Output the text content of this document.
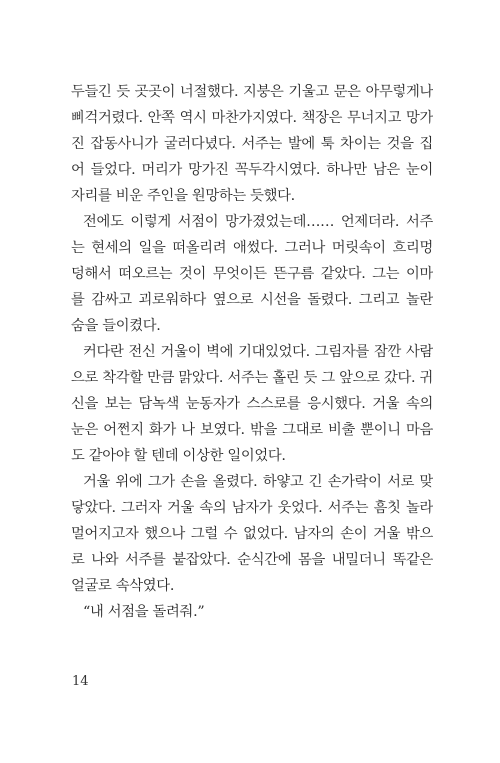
두들긴 듯 곳곳이 너절했다. 지붕은 기울고 문은 아무렇게나
삐걱거렸다. 안쪽 역시 마찬가지였다. 책장은 무너지고 망가
진 잡동사니가 굴러다녔다. 서주는 발에 툭 차이는 것을 집
어 들었다. 머리가 망가진 꼭두각시였다. 하나만 남은 눈이
자리를 비운 주인을 원망하는 듯했다.
전에도 이렇게 서점이 망가졌었는데…… 언제더라. 서주
는 현세의 일을 떠올리려 애썼다. 그러나 머릿속이 흐리멍
덩해서 떠오르는 것이 무엇이든 뜬구름 같았다. 그는 이마
를 감싸고 괴로워하다 옆으로 시선을 돌렸다. 그리고 놀란
숨을 들이켰다.
커다란 전신 거울이 벽에 기대있었다. 그림자를 잠깐 사람
으로 착각할 만큼 맑았다. 서주는 홀린 듯 그 앞으로 갔다. 귀
신을 보는 담녹색 눈동자가 스스로를 응시했다. 거울 속의
눈은 어쩐지 화가 나 보였다. 밖을 그대로 비출 뿐이니 마음
도 같아야 할 텐데 이상한 일이었다.
거울 위에 그가 손을 올렸다. 하얗고 긴 손가락이 서로 맞
닿았다. 그러자 거울 속의 남자가 웃었다. 서주는 흠칫 놀라
멀어지고자 했으나 그럴 수 없었다. 남자의 손이 거울 밖으
로 나와 서주를 붙잡았다. 순식간에 몸을 내밀더니 똑같은
얼굴로 속삭였다.
“내 서점을 돌려줘.”
14
